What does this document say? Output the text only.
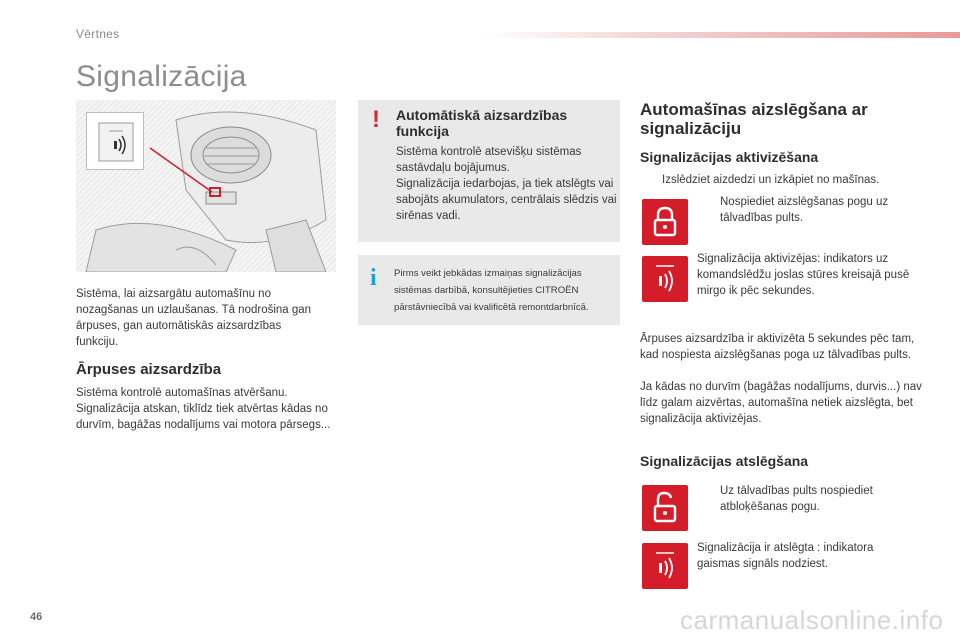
Vērtnes
Signalizācija
Sistēma, lai aizsargātu automašīnu no nozagšanas un uzlaušanas. Tā nodrošina gan ārpuses, gan automātiskās aizsardzības funkciju.
Ārpuses aizsardzība
Sistēma kontrolē automašīnas atvēršanu. Signalizācija atskan, tiklīdz tiek atvērtas kādas no durvīm, bagāžas nodalījums vai motora pārsegs...
! Automātiskā aizsardzības funkcija
Sistēma kontrolē atsevišķu sistēmas sastāvdaļu bojājumus.
Signalizācija iedarbojas, ja tiek atslēgts vai sabojāts akumulators, centrālais slēdzis vai sirēnas vadi.
i Pirms veikt jebkādas izmaiņas signalizācijas sistēmas darbībā, konsultējieties CITROËN pārstāvniecībā vai kvalificētā remontdarbnīcā.
Automašīnas aizslēgšana ar signalizāciju
Signalizācijas aktivizēšana
Izslēdziet aizdedzi un izkāpiet no mašīnas.
Nospiediet aizslēgšanas pogu uz tālvadības pults.
Signalizācija aktivizējas: indikators uz komandslēdžu joslas stūres kreisajā pusē mirgo ik pēc sekundes.
Ārpuses aizsardzība ir aktivizēta 5 sekundes pēc tam, kad nospiesta aizslēgšanas poga uz tālvadības pults.
Ja kādas no durvīm (bagāžas nodalījums, durvis...) nav līdz galam aizvērtas, automašīna netiek aizslēgta, bet signalizācija aktivizējas.
Signalizācijas atslēgšana
Uz tālvadības pults nospiediet atbloķēšanas pogu.
Signalizācija ir atslēgta : indikatora gaismas signāls nodziest.
46	carmanualsonline.info
